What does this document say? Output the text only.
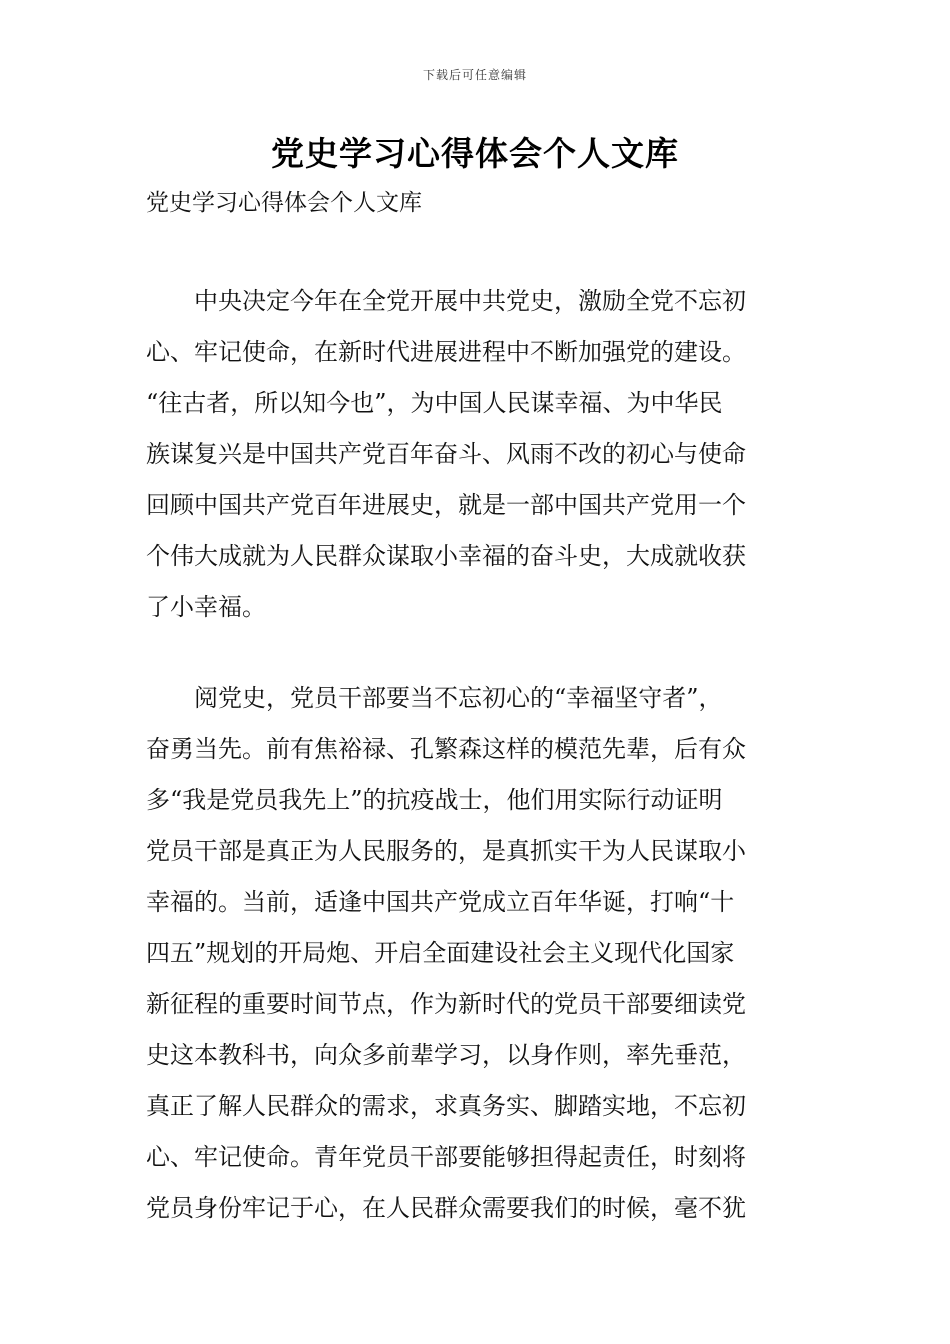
下载后可任意编辑
党史学习心得体会个人文库
党史学习心得体会个人文库
　　中央决定今年在全党开展中共党史，激励全党不忘初
心、牢记使命，在新时代进展进程中不断加强党的建设。
“往古者，所以知今也”，为中国人民谋幸福、为中华民
族谋复兴是中国共产党百年奋斗、风雨不改的初心与使命
回顾中国共产党百年进展史，就是一部中国共产党用一个
个伟大成就为人民群众谋取小幸福的奋斗史，大成就收获
了小幸福。
　　阅党史，党员干部要当不忘初心的“幸福坚守者”，
奋勇当先。前有焦裕禄、孔繁森这样的模范先辈，后有众
多“我是党员我先上”的抗疫战士，他们用实际行动证明
党员干部是真正为人民服务的，是真抓实干为人民谋取小
幸福的。当前，适逢中国共产党成立百年华诞，打响“十
四五”规划的开局炮、开启全面建设社会主义现代化国家
新征程的重要时间节点，作为新时代的党员干部要细读党
史这本教科书，向众多前辈学习，以身作则，率先垂范，
真正了解人民群众的需求，求真务实、脚踏实地，不忘初
心、牢记使命。青年党员干部要能够担得起责任，时刻将
党员身份牢记于心，在人民群众需要我们的时候，毫不犹
